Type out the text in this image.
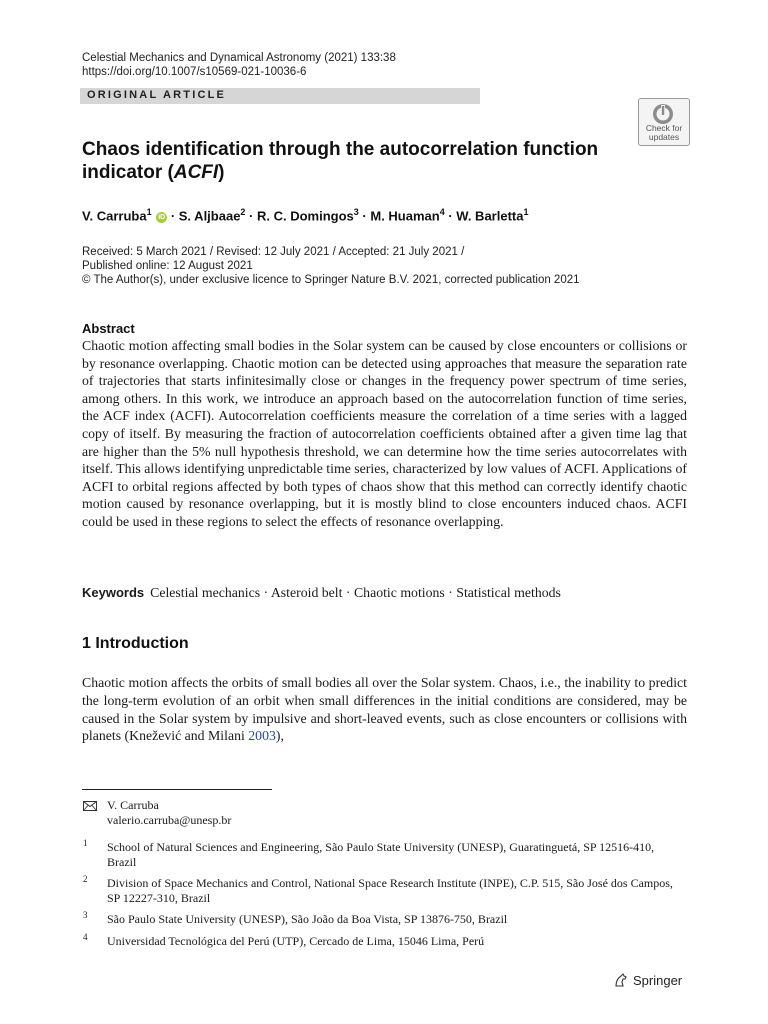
Celestial Mechanics and Dynamical Astronomy (2021) 133:38
https://doi.org/10.1007/s10569-021-10036-6
ORIGINAL ARTICLE
Check for
updates
Chaos identification through the autocorrelation function indicator (ACFI)
V. Carruba$^1$ iD · S. Aljbaae$^2$ · R. C. Domingos$^3$ · M. Huaman$^4$ · W. Barletta$^1$
Received: 5 March 2021 / Revised: 12 July 2021 / Accepted: 21 July 2021 /
Published online: 12 August 2021
© The Author(s), under exclusive licence to Springer Nature B.V. 2021, corrected publication 2021
Abstract
Chaotic motion affecting small bodies in the Solar system can be caused by close encounters or collisions or by resonance overlapping. Chaotic motion can be detected using approaches that measure the separation rate of trajectories that starts infinitesimally close or changes in the frequency power spectrum of time series, among others. In this work, we introduce an approach based on the autocorrelation function of time series, the ACF index (ACFI). Autocorrelation coefficients measure the correlation of a time series with a lagged copy of itself. By measuring the fraction of autocorrelation coefficients obtained after a given time lag that are higher than the 5% null hypothesis threshold, we can determine how the time series autocorrelates with itself. This allows identifying unpredictable time series, characterized by low values of ACFI. Applications of ACFI to orbital regions affected by both types of chaos show that this method can correctly identify chaotic motion caused by resonance overlapping, but it is mostly blind to close encounters induced chaos. ACFI could be used in these regions to select the effects of resonance overlapping.
Keywords Celestial mechanics · Asteroid belt · Chaotic motions · Statistical methods
1 Introduction
Chaotic motion affects the orbits of small bodies all over the Solar system. Chaos, i.e., the inability to predict the long-term evolution of an orbit when small differences in the initial conditions are considered, may be caused in the Solar system by impulsive and short-leaved events, such as close encounters or collisions with planets (Knežević and Milani 2003),
V. Carruba
valerio.carruba@unesp.br
1 School of Natural Sciences and Engineering, São Paulo State University (UNESP), Guaratinguetá, SP 12516-410, Brazil
2 Division of Space Mechanics and Control, National Space Research Institute (INPE), C.P. 515, São José dos Campos, SP 12227-310, Brazil
3 São Paulo State University (UNESP), São João da Boa Vista, SP 13876-750, Brazil
4 Universidad Tecnológica del Perú (UTP), Cercado de Lima, 15046 Lima, Perú
Springer
